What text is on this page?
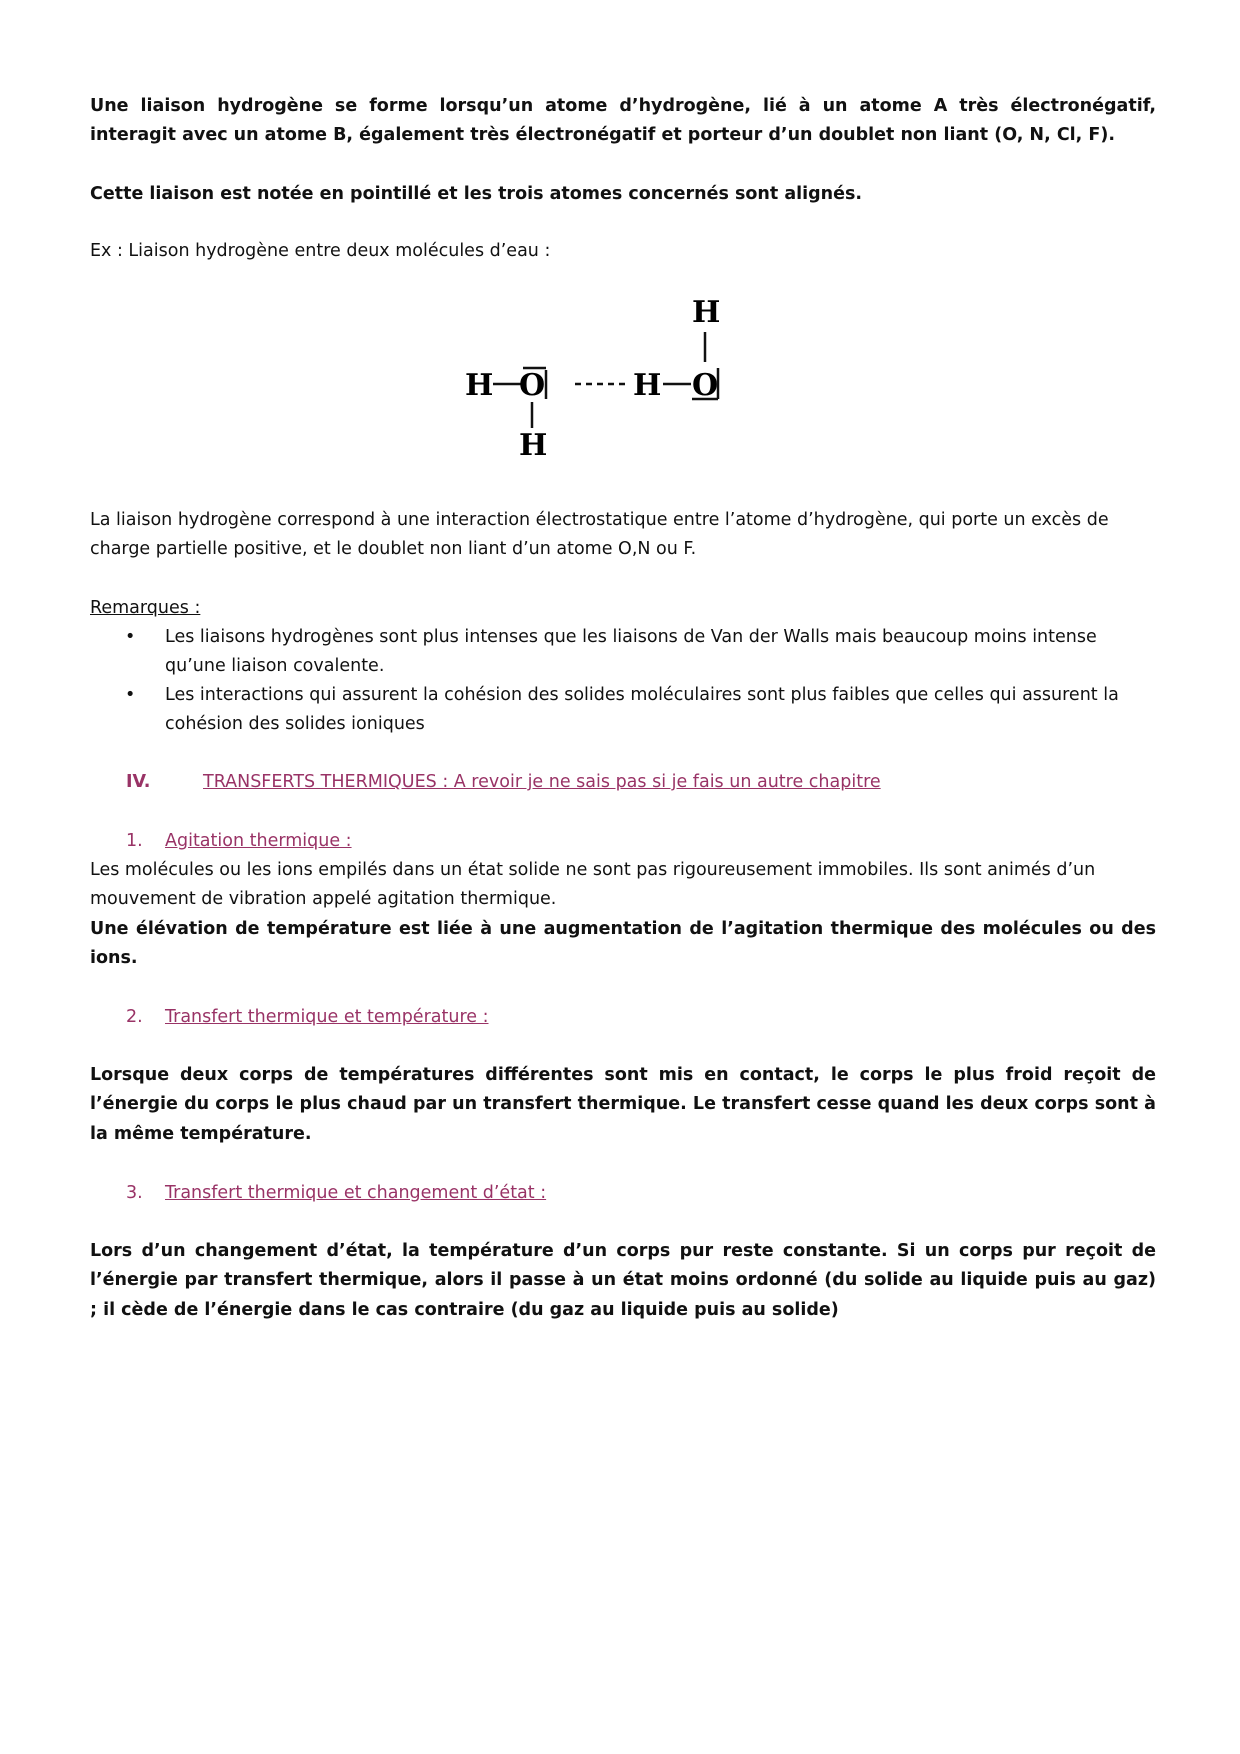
Une liaison hydrogène se forme lorsqu’un atome d’hydrogène, lié à un atome A très électronégatif, interagit avec un atome B, également très électronégatif et porteur d’un doublet non liant (O, N, Cl, F).

Cette liaison est notée en pointillé et les trois atomes concernés sont alignés.

Ex : Liaison hydrogène entre deux molécules d’eau :

H O
H
H O
H

La liaison hydrogène correspond à une interaction électrostatique entre l’atome d’hydrogène, qui porte un excès de charge partielle positive, et le doublet non liant d’un atome O,N ou F.

Remarques :

• Les liaisons hydrogènes sont plus intenses que les liaisons de Van der Walls mais beaucoup moins intense qu’une liaison covalente.
• Les interactions qui assurent la cohésion des solides moléculaires sont plus faibles que celles qui assurent la cohésion des solides ioniques
IV.	TRANSFERTS THERMIQUES : A revoir je ne sais pas si je fais un autre chapitre
1. Agitation thermique :

Les molécules ou les ions empilés dans un état solide ne sont pas rigoureusement immobiles. Ils sont animés d’un mouvement de vibration appelé agitation thermique.

Une élévation de température est liée à une augmentation de l’agitation thermique des molécules ou des ions.

2. Transfert thermique et température :

Lorsque deux corps de températures différentes sont mis en contact, le corps le plus froid reçoit de l’énergie du corps le plus chaud par un transfert thermique. Le transfert cesse quand les deux corps sont à la même température.

3. Transfert thermique et changement d’état :

Lors d’un changement d’état, la température d’un corps pur reste constante. Si un corps pur reçoit de l’énergie par transfert thermique, alors il passe à un état moins ordonné (du solide au liquide puis au gaz) ; il cède de l’énergie dans le cas contraire (du gaz au liquide puis au solide)
